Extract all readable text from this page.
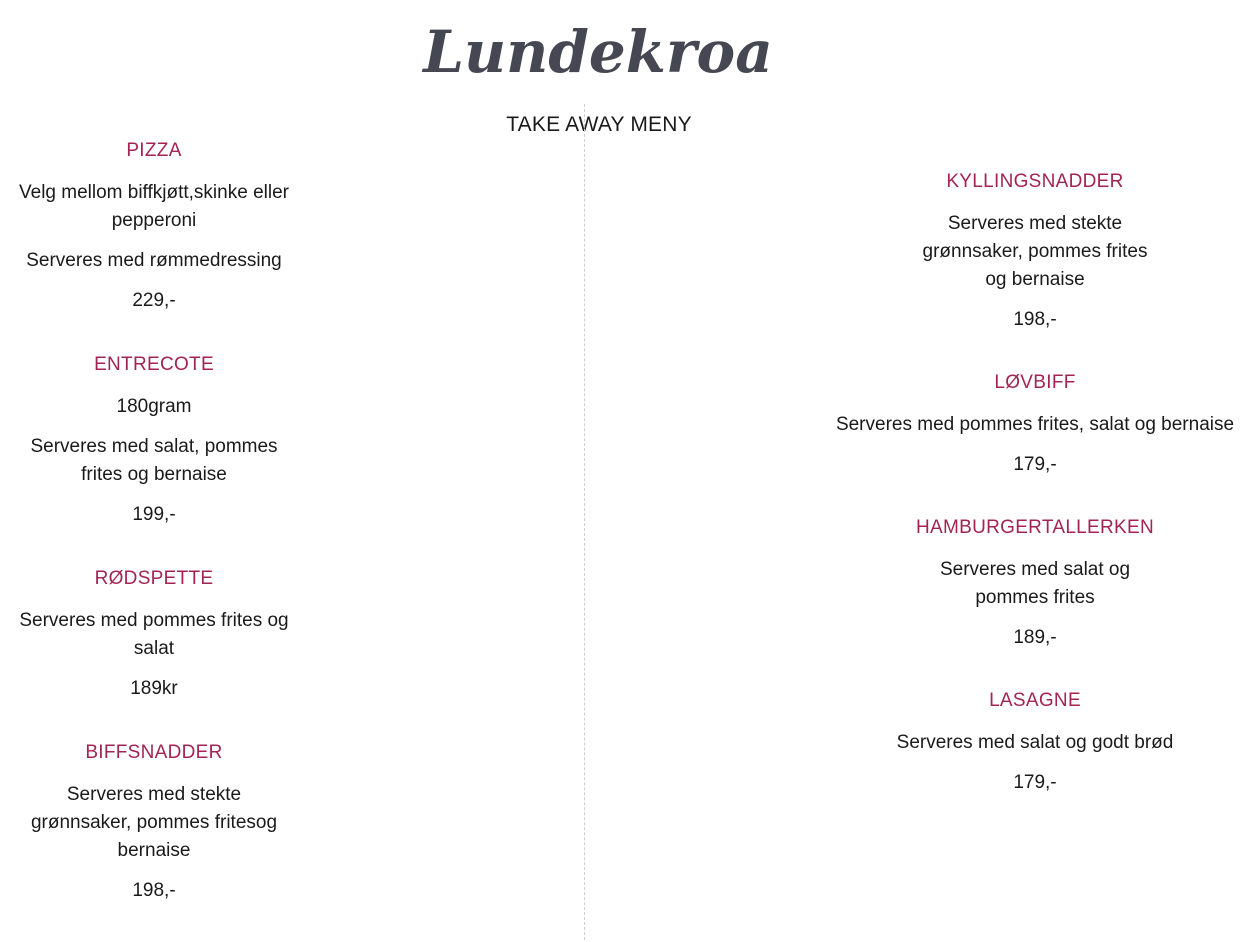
Lundekroa
TAKE AWAY MENY
PIZZA
Velg mellom biffkjøtt,skinke eller pepperoni
Serveres med rømmedressing
229,-
ENTRECOTE
180gram
Serveres med salat, pommes frites og bernaise
199,-
RØDSPETTE
Serveres med pommes frites og salat
189kr
BIFFSNADDER
Serveres med stekte grønnsaker, pommes fritesog bernaise
198,-
KYLLINGSNADDER
Serveres med stekte grønnsaker, pommes frites og bernaise
198,-
LØVBIFF
Serveres med pommes frites, salat og bernaise
179,-
HAMBURGERTALLERKEN
Serveres med salat og pommes frites
189,-
LASAGNE
Serveres med salat og godt brød
179,-
